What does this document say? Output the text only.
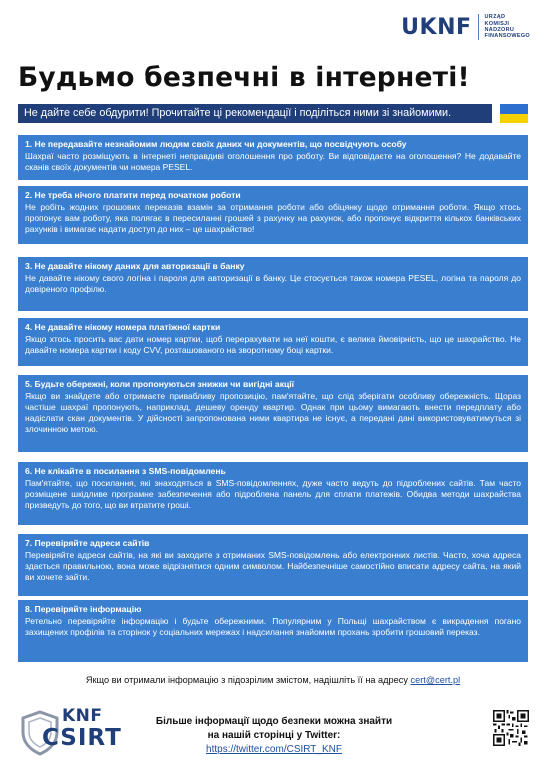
UKNF URZĄD
KOMISJI
NADZORU
FINANSOWEGO
Будьмо безпечні в інтернеті!
Не дайте себе обдурити! Прочитайте ці рекомендації і поділіться ними зі знайомими.
1. Не передавайте незнайомим людям своїх даних чи документів, що посвідчують особу
Шахраї часто розміщують в інтернеті неправдиві оголошення про роботу. Ви відповідаєте на оголошення? Не додавайте сканів своїх документів чи номера PESEL.
2. Не треба нічого платити перед початком роботи
Не робіть жодних грошових переказів взамін за отримання роботи або обіцянку щодо отримання роботи. Якщо хтось пропонує вам роботу, яка полягає в пересиланні грошей з рахунку на рахунок, або пропонує відкриття кількох банківських рахунків і вимагає надати доступ до них – це шахрайство!
3. Не давайте нікому даних для авторизації в банку
Не давайте нікому свого логіна і пароля для авторизації в банку. Це стосується також номера PESEL, логіна та пароля до довіреного профілю.
4. Не давайте нікому номера платіжної картки
Якщо хтось просить вас дати номер картки, щоб перерахувати на неї кошти, є велика ймовірність, що це шахрайство. Не давайте номера картки і коду CVV, розташованого на зворотному боці картки.
5. Будьте обережні, коли пропонуються знижки чи вигідні акції
Якщо ви знайдете або отримаєте привабливу пропозицію, пам'ятайте, що слід зберігати особливу обережність. Щораз частіше шахраї пропонують, наприклад, дешеву оренду квартир. Однак при цьому вимагають внести передплату або надіслати скан документів. У дійсності запропонована ними квартира не існує, а передані дані використовуватимуться зі злочинною метою.
6. Не клікайте в посилання з SMS-повідомлень
Пам'ятайте, що посилання, які знаходяться в SMS-повідомленнях, дуже часто ведуть до підроблених сайтів. Там часто розміщене шкідливе програмне забезпечення або підроблена панель для сплати платежів. Обидва методи шахрайства призведуть до того, що ви втратите гроші.
7. Перевіряйте адреси сайтів
Перевіряйте адреси сайтів, на які ви заходите з отриманих SMS-повідомлень або електронних листів. Часто, хоча адреса здається правильною, вона може відрізнятися одним символом. Найбезпечніше самостійно вписати адресу сайта, на який ви хочете зайти.
8. Перевіряйте інформацію
Ретельно перевіряйте інформацію і будьте обережними. Популярним у Польщі шахрайством є викрадення погано захищених профілів та сторінок у соціальних мережах і надсилання знайомим прохань зробити грошовий переказ.
Якщо ви отримали інформацію з підозрілим змістом, надішліть її на адресу cert@cert.pl
KNF
CSIRT
Більше інформації щодо безпеки можна знайти
на нашій сторінці у Twitter:
https://twitter.com/CSIRT_KNF
